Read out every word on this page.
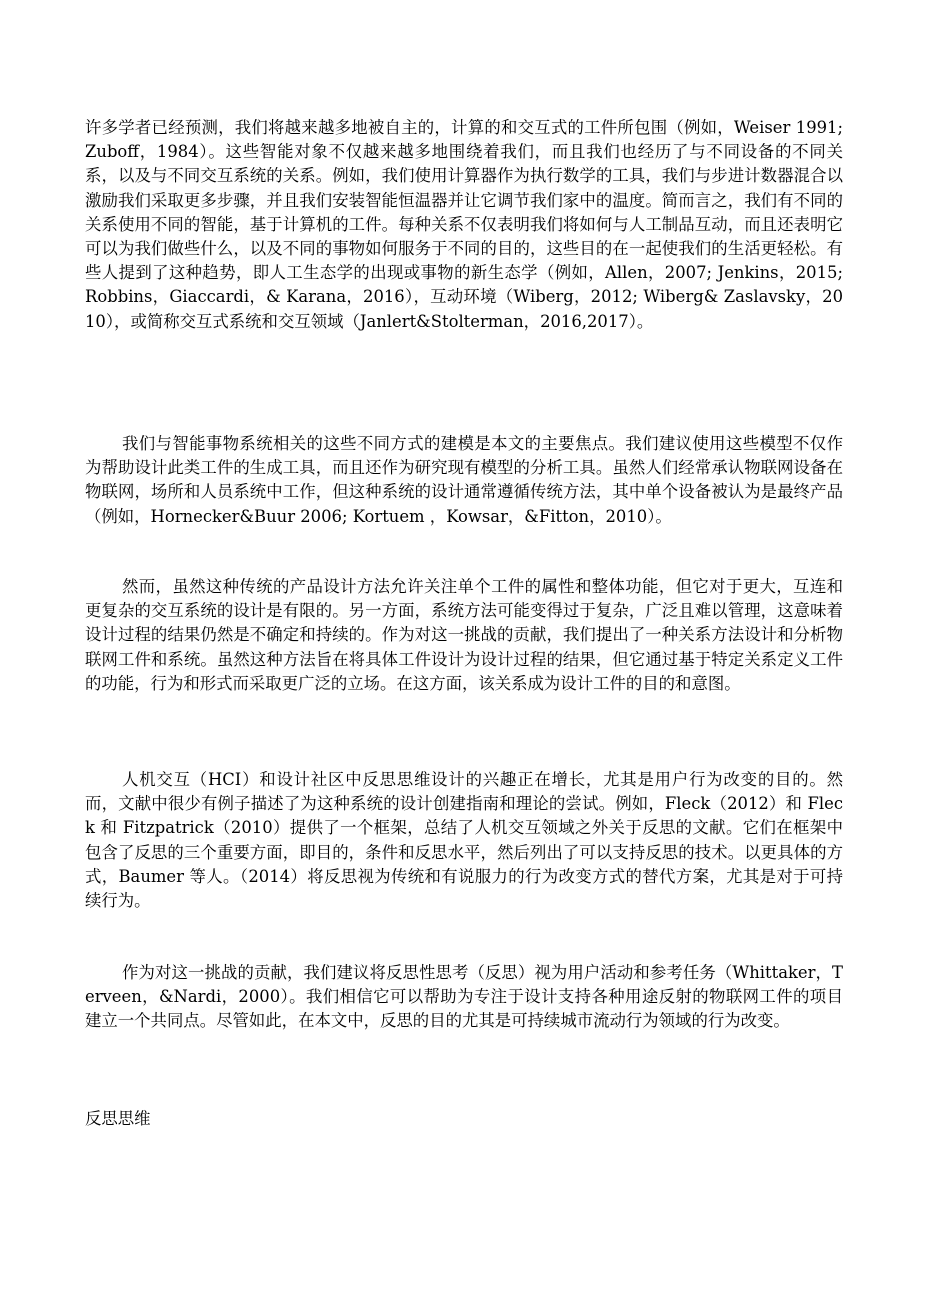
许多学者已经预测，我们将越来越多地被自主的，计算的和交互式的工件所包围（例如，Weiser 1991; Zuboff，1984）。这些智能对象不仅越来越多地围绕着我们，而且我们也经历了与不同设备的不同关系，以及与不同交互系统的关系。例如，我们使用计算器作为执行数学的工具，我们与步进计数器混合以激励我们采取更多步骤，并且我们安装智能恒温器并让它调节我们家中的温度。简而言之，我们有不同的关系使用不同的智能，基于计算机的工件。每种关系不仅表明我们将如何与人工制品互动，而且还表明它可以为我们做些什么，以及不同的事物如何服务于不同的目的，这些目的在一起使我们的生活更轻松。有些人提到了这种趋势，即人工生态学的出现或事物的新生态学（例如，Allen，2007; Jenkins，2015; Robbins，Giaccardi，& Karana，2016），互动环境（Wiberg，2012; Wiberg& Zaslavsky，2010），或简称交互式系统和交互领域（Janlert&Stolterman，2016,2017）。

我们与智能事物系统相关的这些不同方式的建模是本文的主要焦点。我们建议使用这些模型不仅作为帮助设计此类工件的生成工具，而且还作为研究现有模型的分析工具。虽然人们经常承认物联网设备在物联网，场所和人员系统中工作，但这种系统的设计通常遵循传统方法，其中单个设备被认为是最终产品（例如，Hornecker&Buur 2006; Kortuem ，Kowsar，&Fitton，2010）。

然而，虽然这种传统的产品设计方法允许关注单个工件的属性和整体功能，但它对于更大，互连和更复杂的交互系统的设计是有限的。另一方面，系统方法可能变得过于复杂，广泛且难以管理，这意味着设计过程的结果仍然是不确定和持续的。作为对这一挑战的贡献，我们提出了一种关系方法设计和分析物联网工件和系统。虽然这种方法旨在将具体工件设计为设计过程的结果，但它通过基于特定关系定义工件的功能，行为和形式而采取更广泛的立场。在这方面，该关系成为设计工件的目的和意图。

人机交互（HCI）和设计社区中反思思维设计的兴趣正在增长，尤其是用户行为改变的目的。然而，文献中很少有例子描述了为这种系统的设计创建指南和理论的尝试。例如，Fleck（2012）和 Fleck 和 Fitzpatrick（2010）提供了一个框架，总结了人机交互领域之外关于反思的文献。它们在框架中包含了反思的三个重要方面，即目的，条件和反思水平，然后列出了可以支持反思的技术。以更具体的方式，Baumer 等人。（2014）将反思视为传统和有说服力的行为改变方式的替代方案，尤其是对于可持续行为。

作为对这一挑战的贡献，我们建议将反思性思考（反思）视为用户活动和参考任务（Whittaker，Terveen，&Nardi，2000）。我们相信它可以帮助为专注于设计支持各种用途反射的物联网工件的项目建立一个共同点。尽管如此，在本文中，反思的目的尤其是可持续城市流动行为领域的行为改变。

反思思维
